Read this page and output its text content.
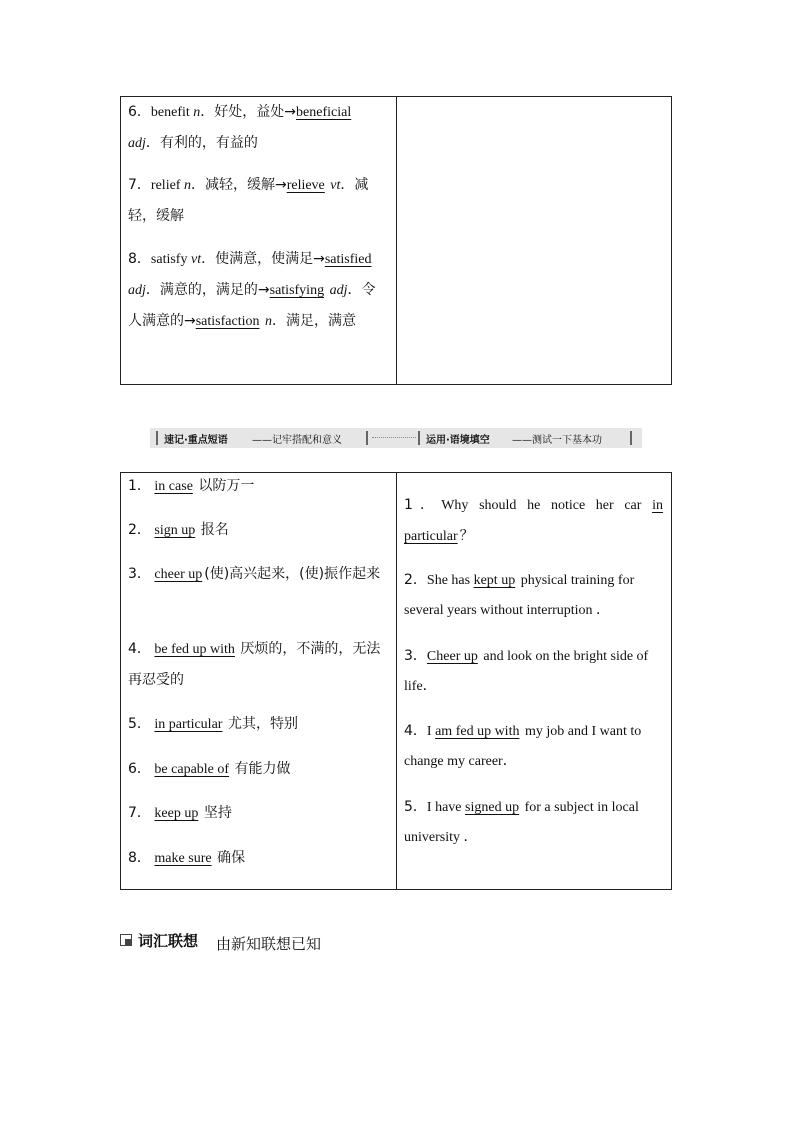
6．benefit n．好处，益处→beneficial adj．有利的，有益的

7．relief n．减轻，缓解→relieve vt．减轻，缓解

8．satisfy vt．使满意，使满足→satisfied adj．满意的，满足的→satisfying adj．令人满意的→satisfaction n．满足，满意

速记·重点短语 ——记牢搭配和意义	运用·语境填空 ——测试一下基本功

1． in case 以防万一

2． sign up 报名

3． cheer up (使)高兴起来，(使)振作起来

4． be fed up with 厌烦的，不满的，无法再忍受的

5． in particular 尤其，特别

6． be capable of 有能力做

7． keep up 坚持

8． make sure 确保

1．Why should he notice her car in particular ？

2．She has kept up physical training for several years without interruption ．

3．Cheer up and look on the bright side of life．

4．I am fed up with my job and I want to change my career．

5．I have signed up for a subject in local university ．

词汇联想 由新知联想已知
